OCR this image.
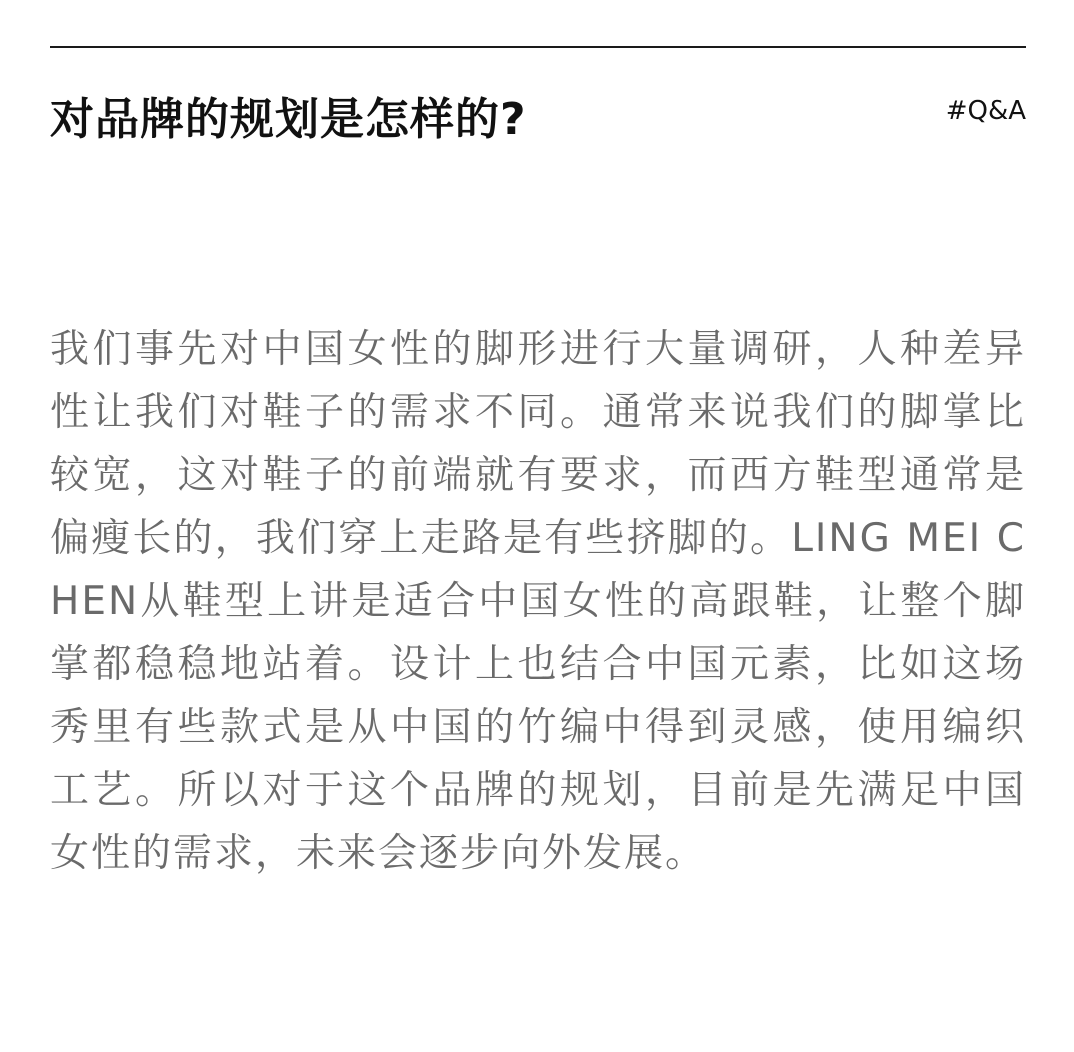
对品牌的规划是怎样的?	#Q&A

我们事先对中国女性的脚形进行大量调研，人种差异性让我们对鞋子的需求不同。通常来说我们的脚掌比较宽，这对鞋子的前端就有要求，而西方鞋型通常是偏瘦长的，我们穿上走路是有些挤脚的。LING MEI CHEN从鞋型上讲是适合中国女性的高跟鞋，让整个脚掌都稳稳地站着。设计上也结合中国元素，比如这场秀里有些款式是从中国的竹编中得到灵感，使用编织工艺。所以对于这个品牌的规划，目前是先满足中国女性的需求，未来会逐步向外发展。
